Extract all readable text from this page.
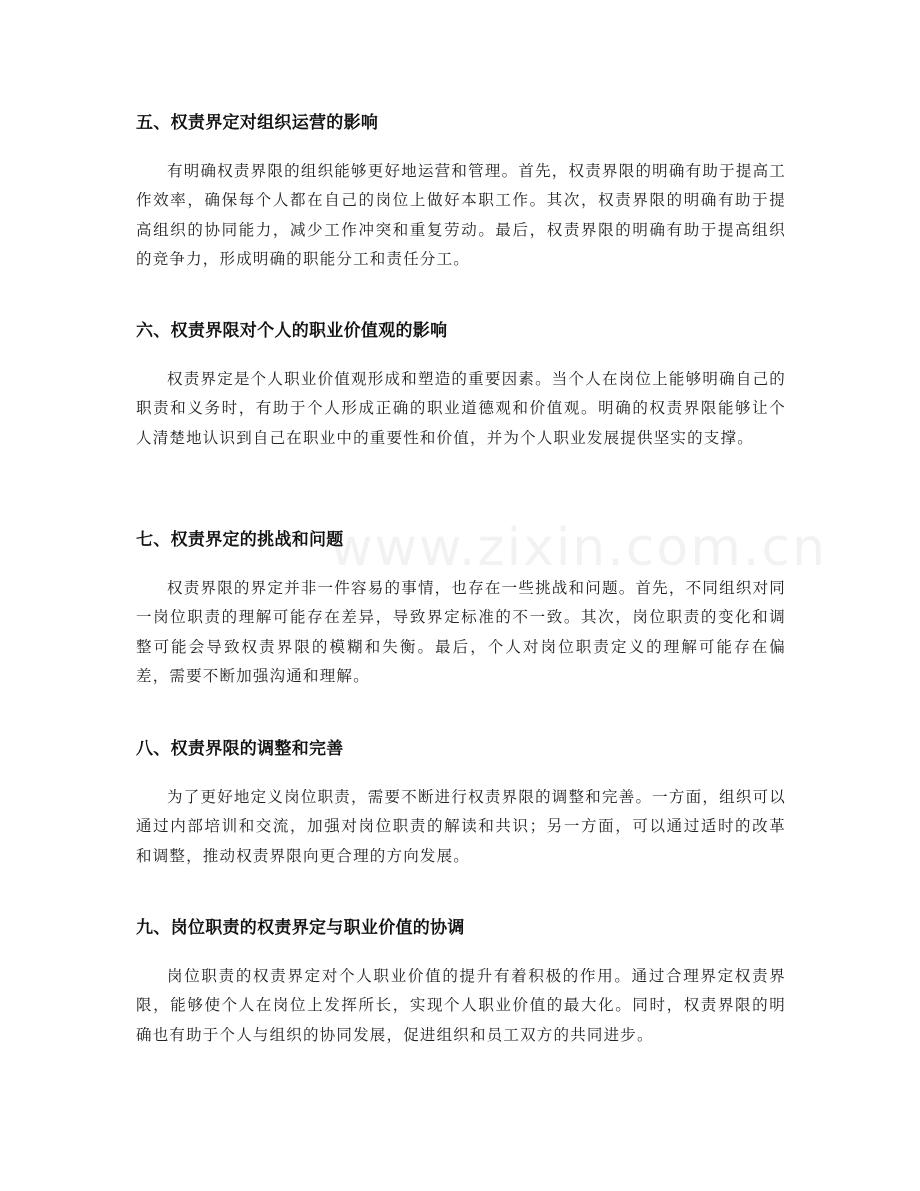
www.zixin.com.cn
五、权责界定对组织运营的影响

有明确权责界限的组织能够更好地运营和管理。首先，权责界限的明确有助于提高工作效率，确保每个人都在自己的岗位上做好本职工作。其次，权责界限的明确有助于提高组织的协同能力，减少工作冲突和重复劳动。最后，权责界限的明确有助于提高组织的竞争力，形成明确的职能分工和责任分工。

六、权责界限对个人的职业价值观的影响

权责界定是个人职业价值观形成和塑造的重要因素。当个人在岗位上能够明确自己的职责和义务时，有助于个人形成正确的职业道德观和价值观。明确的权责界限能够让个人清楚地认识到自己在职业中的重要性和价值，并为个人职业发展提供坚实的支撑。

七、权责界定的挑战和问题

权责界限的界定并非一件容易的事情，也存在一些挑战和问题。首先，不同组织对同一岗位职责的理解可能存在差异，导致界定标准的不一致。其次，岗位职责的变化和调整可能会导致权责界限的模糊和失衡。最后，个人对岗位职责定义的理解可能存在偏差，需要不断加强沟通和理解。

八、权责界限的调整和完善

为了更好地定义岗位职责，需要不断进行权责界限的调整和完善。一方面，组织可以通过内部培训和交流，加强对岗位职责的解读和共识；另一方面，可以通过适时的改革和调整，推动权责界限向更合理的方向发展。

九、岗位职责的权责界定与职业价值的协调

岗位职责的权责界定对个人职业价值的提升有着积极的作用。通过合理界定权责界限，能够使个人在岗位上发挥所长，实现个人职业价值的最大化。同时，权责界限的明确也有助于个人与组织的协同发展，促进组织和员工双方的共同进步。
